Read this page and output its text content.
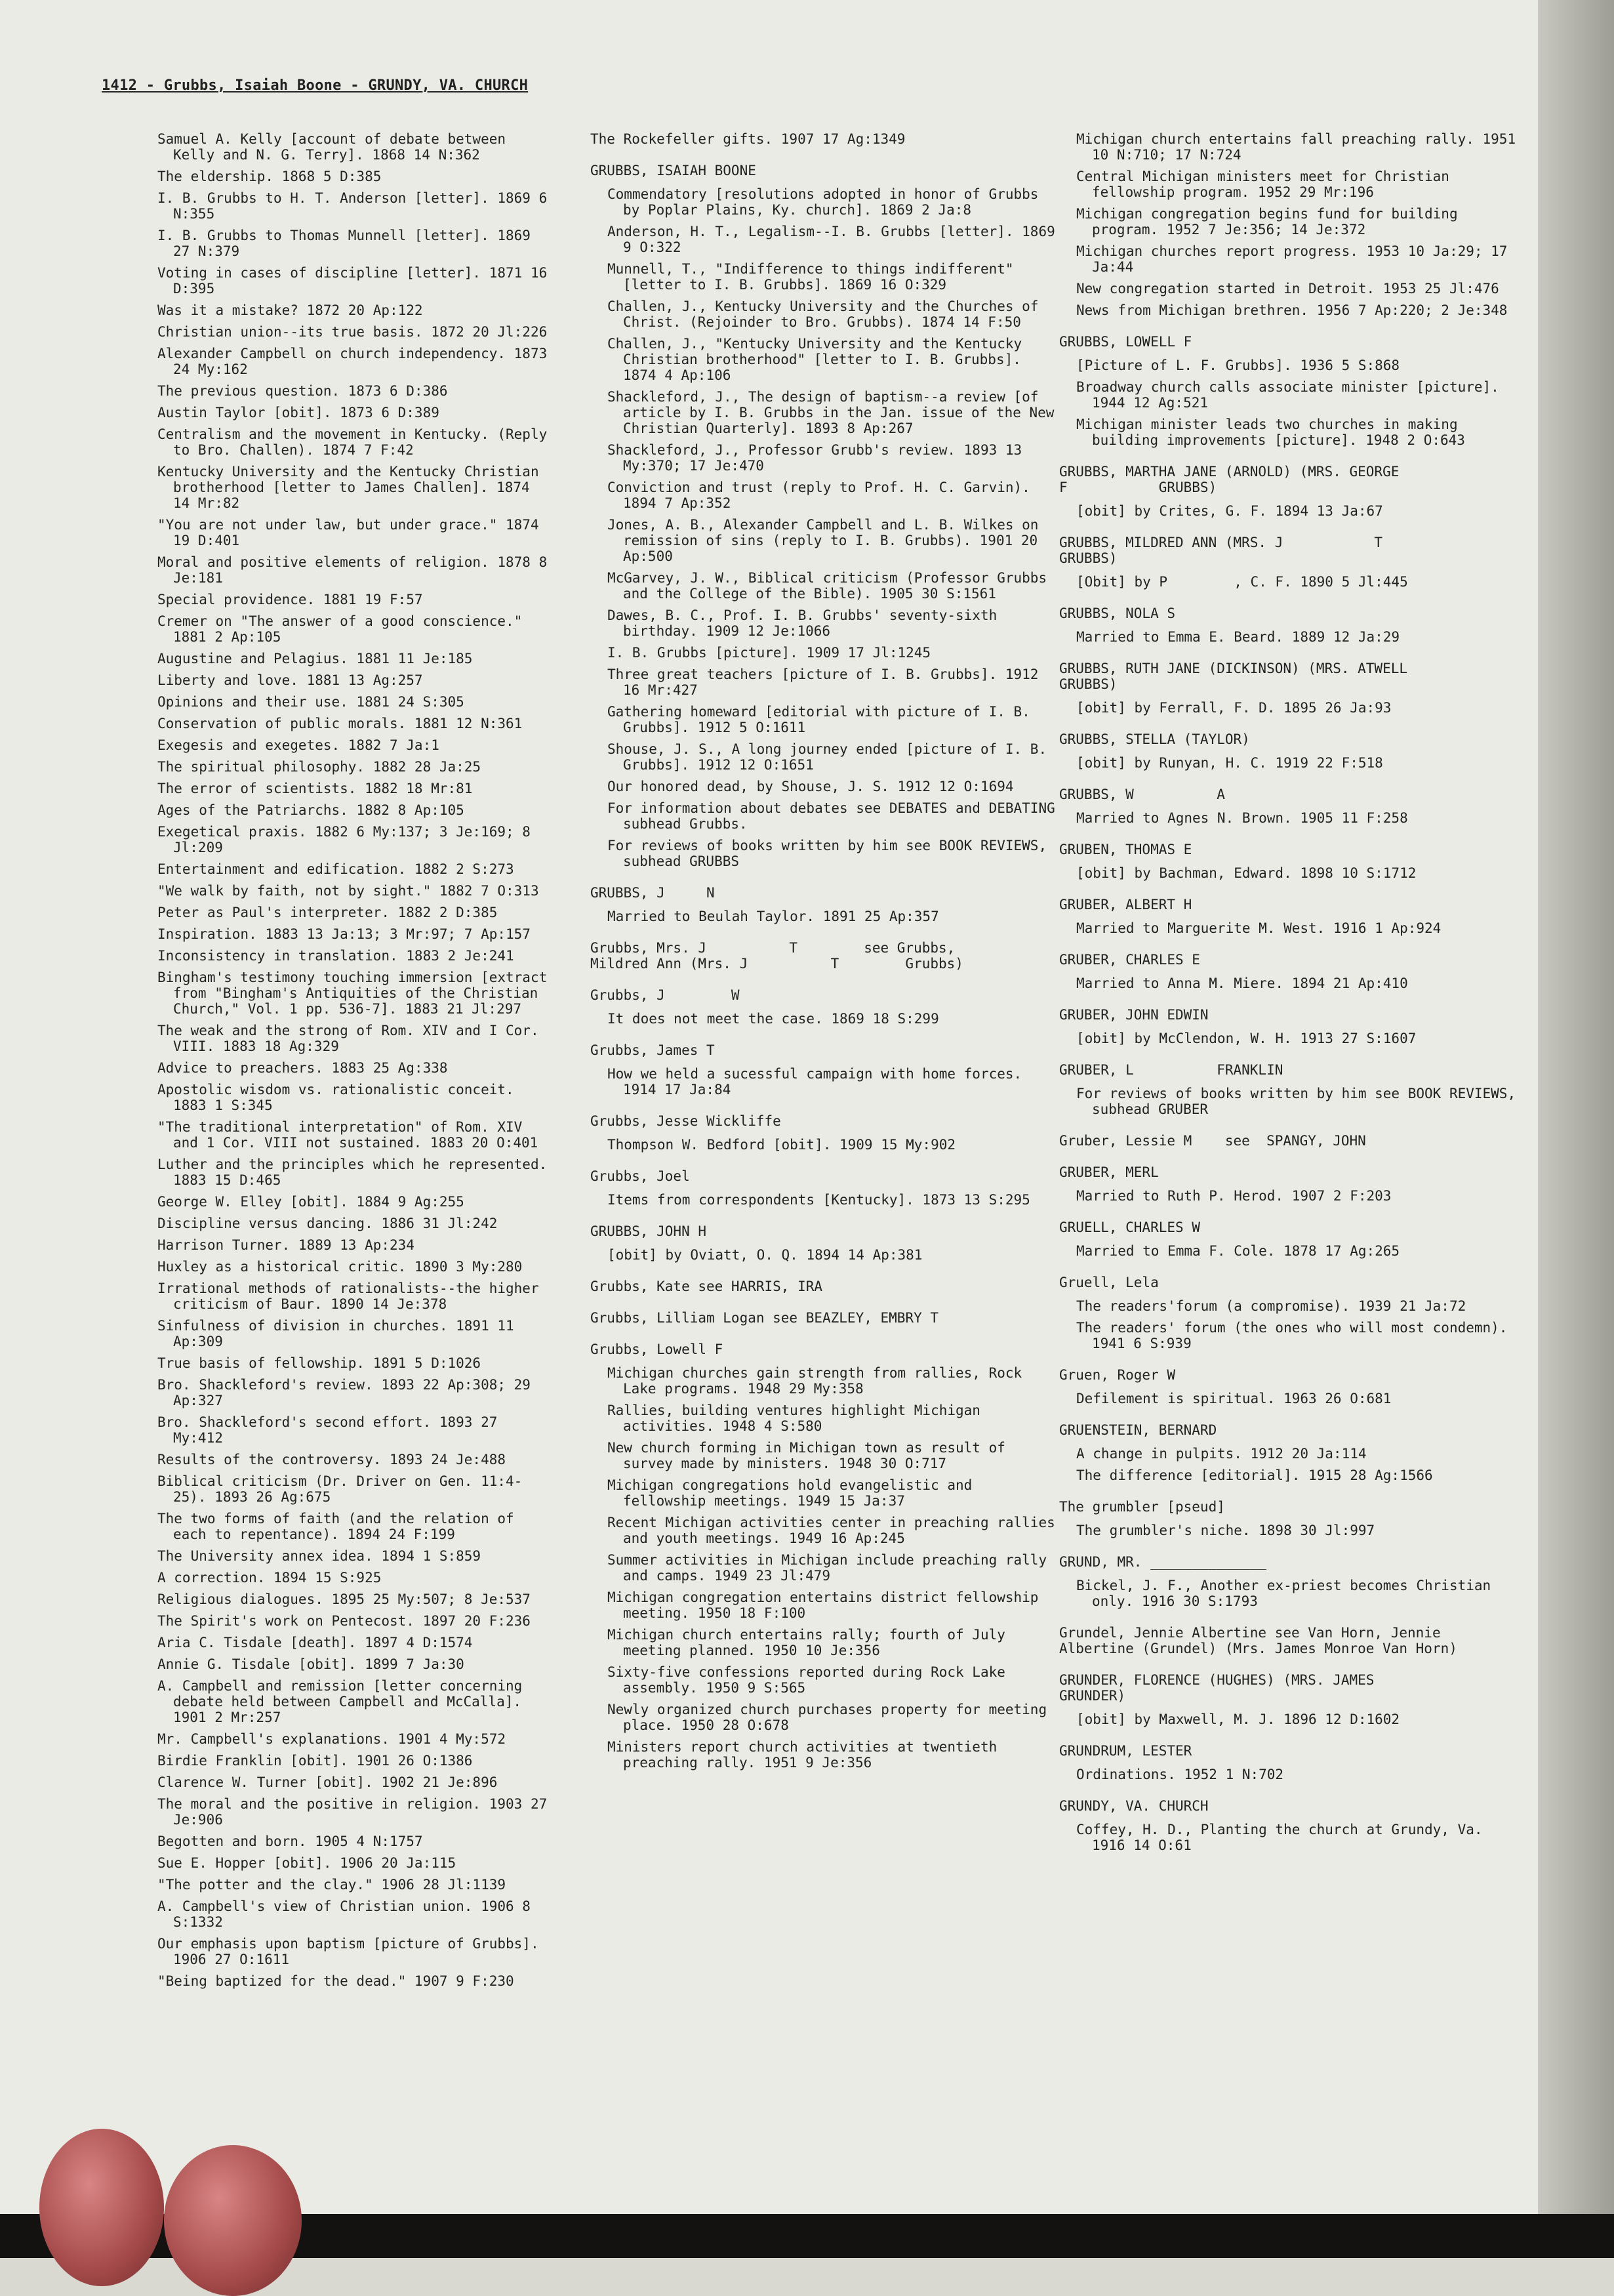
1412 - Grubbs, Isaiah Boone - GRUNDY, VA. CHURCH

Samuel A. Kelly [account of debate between Kelly and N. G. Terry]. 1868 14 N:362

The eldership. 1868 5 D:385

I. B. Grubbs to H. T. Anderson [letter]. 1869 6 N:355

I. B. Grubbs to Thomas Munnell [letter]. 1869 27 N:379

Voting in cases of discipline [letter]. 1871 16 D:395

Was it a mistake? 1872 20 Ap:122

Christian union--its true basis. 1872 20 Jl:226

Alexander Campbell on church independency. 1873 24 My:162

The previous question. 1873 6 D:386

Austin Taylor [obit]. 1873 6 D:389

Centralism and the movement in Kentucky. (Reply to Bro. Challen). 1874 7 F:42

Kentucky University and the Kentucky Christian brotherhood [letter to James Challen]. 1874 14 Mr:82

"You are not under law, but under grace." 1874 19 D:401

Moral and positive elements of religion. 1878 8 Je:181

Special providence. 1881 19 F:57

Cremer on "The answer of a good conscience." 1881 2 Ap:105

Augustine and Pelagius. 1881 11 Je:185

Liberty and love. 1881 13 Ag:257

Opinions and their use. 1881 24 S:305

Conservation of public morals. 1881 12 N:361

Exegesis and exegetes. 1882 7 Ja:1

The spiritual philosophy. 1882 28 Ja:25

The error of scientists. 1882 18 Mr:81

Ages of the Patriarchs. 1882 8 Ap:105

Exegetical praxis. 1882 6 My:137; 3 Je:169; 8 Jl:209

Entertainment and edification. 1882 2 S:273

"We walk by faith, not by sight." 1882 7 O:313

Peter as Paul's interpreter. 1882 2 D:385

Inspiration. 1883 13 Ja:13; 3 Mr:97; 7 Ap:157

Inconsistency in translation. 1883 2 Je:241

Bingham's testimony touching immersion [extract from "Bingham's Antiquities of the Christian Church," Vol. 1 pp. 536-7]. 1883 21 Jl:297

The weak and the strong of Rom. XIV and I Cor. VIII. 1883 18 Ag:329

Advice to preachers. 1883 25 Ag:338

Apostolic wisdom vs. rationalistic conceit. 1883 1 S:345

"The traditional interpretation" of Rom. XIV and 1 Cor. VIII not sustained. 1883 20 O:401

Luther and the principles which he represented. 1883 15 D:465

George W. Elley [obit]. 1884 9 Ag:255

Discipline versus dancing. 1886 31 Jl:242

Harrison Turner. 1889 13 Ap:234

Huxley as a historical critic. 1890 3 My:280

Irrational methods of rationalists--the higher criticism of Baur. 1890 14 Je:378

Sinfulness of division in churches. 1891 11 Ap:309

True basis of fellowship. 1891 5 D:1026

Bro. Shackleford's review. 1893 22 Ap:308; 29 Ap:327

Bro. Shackleford's second effort. 1893 27 My:412

Results of the controversy. 1893 24 Je:488

Biblical criticism (Dr. Driver on Gen. 11:4-25). 1893 26 Ag:675

The two forms of faith (and the relation of each to repentance). 1894 24 F:199

The University annex idea. 1894 1 S:859

A correction. 1894 15 S:925

Religious dialogues. 1895 25 My:507; 8 Je:537

The Spirit's work on Pentecost. 1897 20 F:236

Aria C. Tisdale [death]. 1897 4 D:1574

Annie G. Tisdale [obit]. 1899 7 Ja:30

A. Campbell and remission [letter concerning debate held between Campbell and McCalla]. 1901 2 Mr:257

Mr. Campbell's explanations. 1901 4 My:572

Birdie Franklin [obit]. 1901 26 O:1386

Clarence W. Turner [obit]. 1902 21 Je:896

The moral and the positive in religion. 1903 27 Je:906

Begotten and born. 1905 4 N:1757

Sue E. Hopper [obit]. 1906 20 Ja:115

"The potter and the clay." 1906 28 Jl:1139

A. Campbell's view of Christian union. 1906 8 S:1332

Our emphasis upon baptism [picture of Grubbs]. 1906 27 O:1611

"Being baptized for the dead." 1907 9 F:230

The Rockefeller gifts. 1907 17 Ag:1349

GRUBBS, ISAIAH BOONE

Commendatory [resolutions adopted in honor of Grubbs by Poplar Plains, Ky. church]. 1869 2 Ja:8

Anderson, H. T., Legalism--I. B. Grubbs [letter]. 1869 9 O:322

Munnell, T., "Indifference to things indifferent" [letter to I. B. Grubbs]. 1869 16 O:329

Challen, J., Kentucky University and the Churches of Christ. (Rejoinder to Bro. Grubbs). 1874 14 F:50

Challen, J., "Kentucky University and the Kentucky Christian brotherhood" [letter to I. B. Grubbs]. 1874 4 Ap:106

Shackleford, J., The design of baptism--a review [of article by I. B. Grubbs in the Jan. issue of the New Christian Quarterly]. 1893 8 Ap:267

Shackleford, J., Professor Grubb's review. 1893 13 My:370; 17 Je:470

Conviction and trust (reply to Prof. H. C. Garvin). 1894 7 Ap:352

Jones, A. B., Alexander Campbell and L. B. Wilkes on remission of sins (reply to I. B. Grubbs). 1901 20 Ap:500

McGarvey, J. W., Biblical criticism (Professor Grubbs and the College of the Bible). 1905 30 S:1561

Dawes, B. C., Prof. I. B. Grubbs' seventy-sixth birthday. 1909 12 Je:1066

I. B. Grubbs [picture]. 1909 17 Jl:1245

Three great teachers [picture of I. B. Grubbs]. 1912 16 Mr:427

Gathering homeward [editorial with picture of I. B. Grubbs]. 1912 5 O:1611

Shouse, J. S., A long journey ended [picture of I. B. Grubbs]. 1912 12 O:1651

Our honored dead, by Shouse, J. S. 1912 12 O:1694

For information about debates see DEBATES and DEBATING subhead Grubbs.

For reviews of books written by him see BOOK REVIEWS, subhead GRUBBS

GRUBBS, J     N

Married to Beulah Taylor. 1891 25 Ap:357

Grubbs, Mrs. J          T        see Grubbs,
Mildred Ann (Mrs. J          T        Grubbs)

Grubbs, J        W

It does not meet the case. 1869 18 S:299

Grubbs, James T

How we held a sucessful campaign with home forces. 1914 17 Ja:84

Grubbs, Jesse Wickliffe

Thompson W. Bedford [obit]. 1909 15 My:902

Grubbs, Joel

Items from correspondents [Kentucky]. 1873 13 S:295

GRUBBS, JOHN H

[obit] by Oviatt, O. Q. 1894 14 Ap:381

Grubbs, Kate see HARRIS, IRA

Grubbs, Lilliam Logan see BEAZLEY, EMBRY T

Grubbs, Lowell F

Michigan churches gain strength from rallies, Rock Lake programs. 1948 29 My:358

Rallies, building ventures highlight Michigan activities. 1948 4 S:580

New church forming in Michigan town as result of survey made by ministers. 1948 30 O:717

Michigan congregations hold evangelistic and fellowship meetings. 1949 15 Ja:37

Recent Michigan activities center in preaching rallies and youth meetings. 1949 16 Ap:245

Summer activities in Michigan include preaching rally and camps. 1949 23 Jl:479

Michigan congregation entertains district fellowship meeting. 1950 18 F:100

Michigan church entertains rally; fourth of July meeting planned. 1950 10 Je:356

Sixty-five confessions reported during Rock Lake assembly. 1950 9 S:565

Newly organized church purchases property for meeting place. 1950 28 O:678

Ministers report church activities at twentieth preaching rally. 1951 9 Je:356

Michigan church entertains fall preaching rally. 1951 10 N:710; 17 N:724

Central Michigan ministers meet for Christian fellowship program. 1952 29 Mr:196

Michigan congregation begins fund for building program. 1952 7 Je:356; 14 Je:372

Michigan churches report progress. 1953 10 Ja:29; 17 Ja:44

New congregation started in Detroit. 1953 25 Jl:476

News from Michigan brethren. 1956 7 Ap:220; 2 Je:348

GRUBBS, LOWELL F

[Picture of L. F. Grubbs]. 1936 5 S:868

Broadway church calls associate minister [picture]. 1944 12 Ag:521

Michigan minister leads two churches in making building improvements [picture]. 1948 2 O:643

GRUBBS, MARTHA JANE (ARNOLD) (MRS. GEORGE
F           GRUBBS)

[obit] by Crites, G. F. 1894 13 Ja:67

GRUBBS, MILDRED ANN (MRS. J           T
GRUBBS)

[Obit] by P        , C. F. 1890 5 Jl:445

GRUBBS, NOLA S

Married to Emma E. Beard. 1889 12 Ja:29

GRUBBS, RUTH JANE (DICKINSON) (MRS. ATWELL
GRUBBS)

[obit] by Ferrall, F. D. 1895 26 Ja:93

GRUBBS, STELLA (TAYLOR)

[obit] by Runyan, H. C. 1919 22 F:518

GRUBBS, W          A

Married to Agnes N. Brown. 1905 11 F:258

GRUBEN, THOMAS E

[obit] by Bachman, Edward. 1898 10 S:1712

GRUBER, ALBERT H

Married to Marguerite M. West. 1916 1 Ap:924

GRUBER, CHARLES E

Married to Anna M. Miere. 1894 21 Ap:410

GRUBER, JOHN EDWIN

[obit] by McClendon, W. H. 1913 27 S:1607

GRUBER, L          FRANKLIN

For reviews of books written by him see BOOK REVIEWS, subhead GRUBER

Gruber, Lessie M    see  SPANGY, JOHN

GRUBER, MERL

Married to Ruth P. Herod. 1907 2 F:203

GRUELL, CHARLES W

Married to Emma F. Cole. 1878 17 Ag:265

Gruell, Lela

The readers'forum (a compromise). 1939 21 Ja:72

The readers' forum (the ones who will most condemn). 1941 6 S:939

Gruen, Roger W

Defilement is spiritual. 1963 26 O:681

GRUENSTEIN, BERNARD

A change in pulpits. 1912 20 Ja:114

The difference [editorial]. 1915 28 Ag:1566

The grumbler [pseud]

The grumbler's niche. 1898 30 Jl:997

GRUND, MR. ______________

Bickel, J. F., Another ex-priest becomes Christian only. 1916 30 S:1793

Grundel, Jennie Albertine see Van Horn, Jennie Albertine (Grundel) (Mrs. James Monroe Van Horn)

GRUNDER, FLORENCE (HUGHES) (MRS. JAMES
GRUNDER)

[obit] by Maxwell, M. J. 1896 12 D:1602

GRUNDRUM, LESTER

Ordinations. 1952 1 N:702

GRUNDY, VA. CHURCH

Coffey, H. D., Planting the church at Grundy, Va. 1916 14 O:61
